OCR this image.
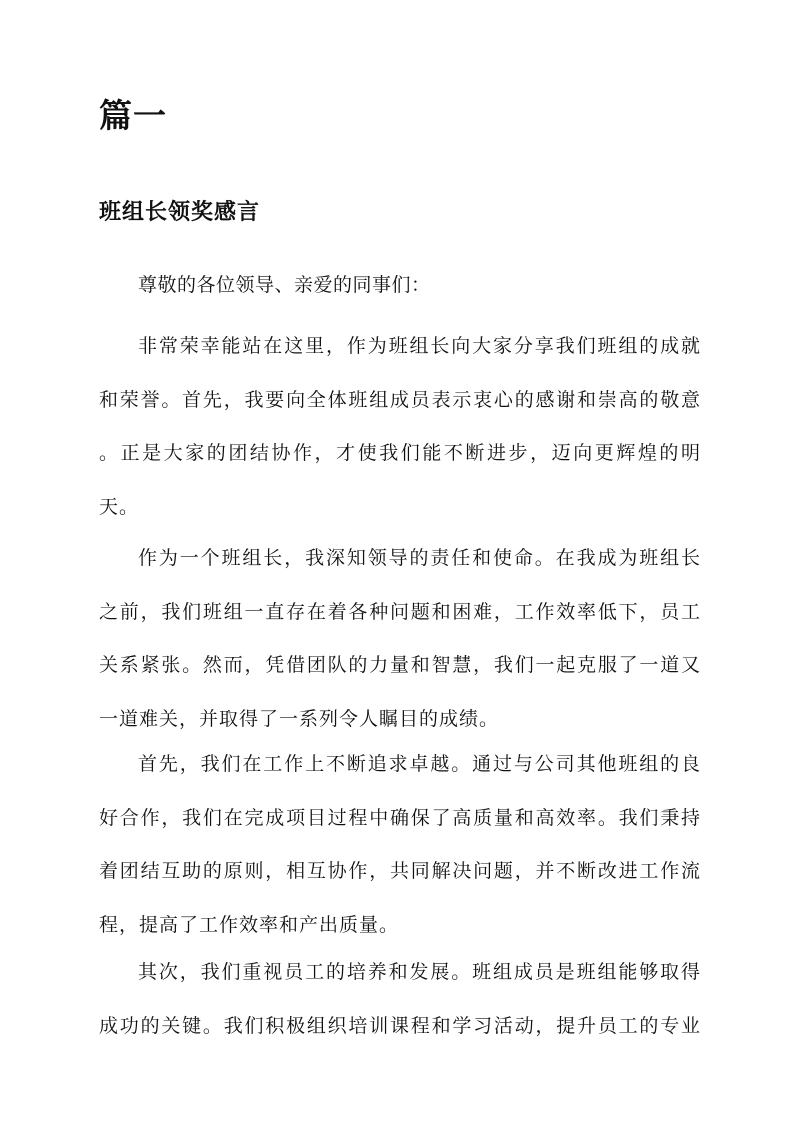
篇一
班组长领奖感言

尊敬的各位领导、亲爱的同事们：

非常荣幸能站在这里，作为班组长向大家分享我们班组的成就
和荣誉。首先，我要向全体班组成员表示衷心的感谢和崇高的敬意
。正是大家的团结协作，才使我们能不断进步，迈向更辉煌的明
天。
作为一个班组长，我深知领导的责任和使命。在我成为班组长
之前，我们班组一直存在着各种问题和困难，工作效率低下，员工
关系紧张。然而，凭借团队的力量和智慧，我们一起克服了一道又
一道难关，并取得了一系列令人瞩目的成绩。
首先，我们在工作上不断追求卓越。通过与公司其他班组的良
好合作，我们在完成项目过程中确保了高质量和高效率。我们秉持
着团结互助的原则，相互协作，共同解决问题，并不断改进工作流
程，提高了工作效率和产出质量。
其次，我们重视员工的培养和发展。班组成员是班组能够取得
成功的关键。我们积极组织培训课程和学习活动，提升员工的专业
